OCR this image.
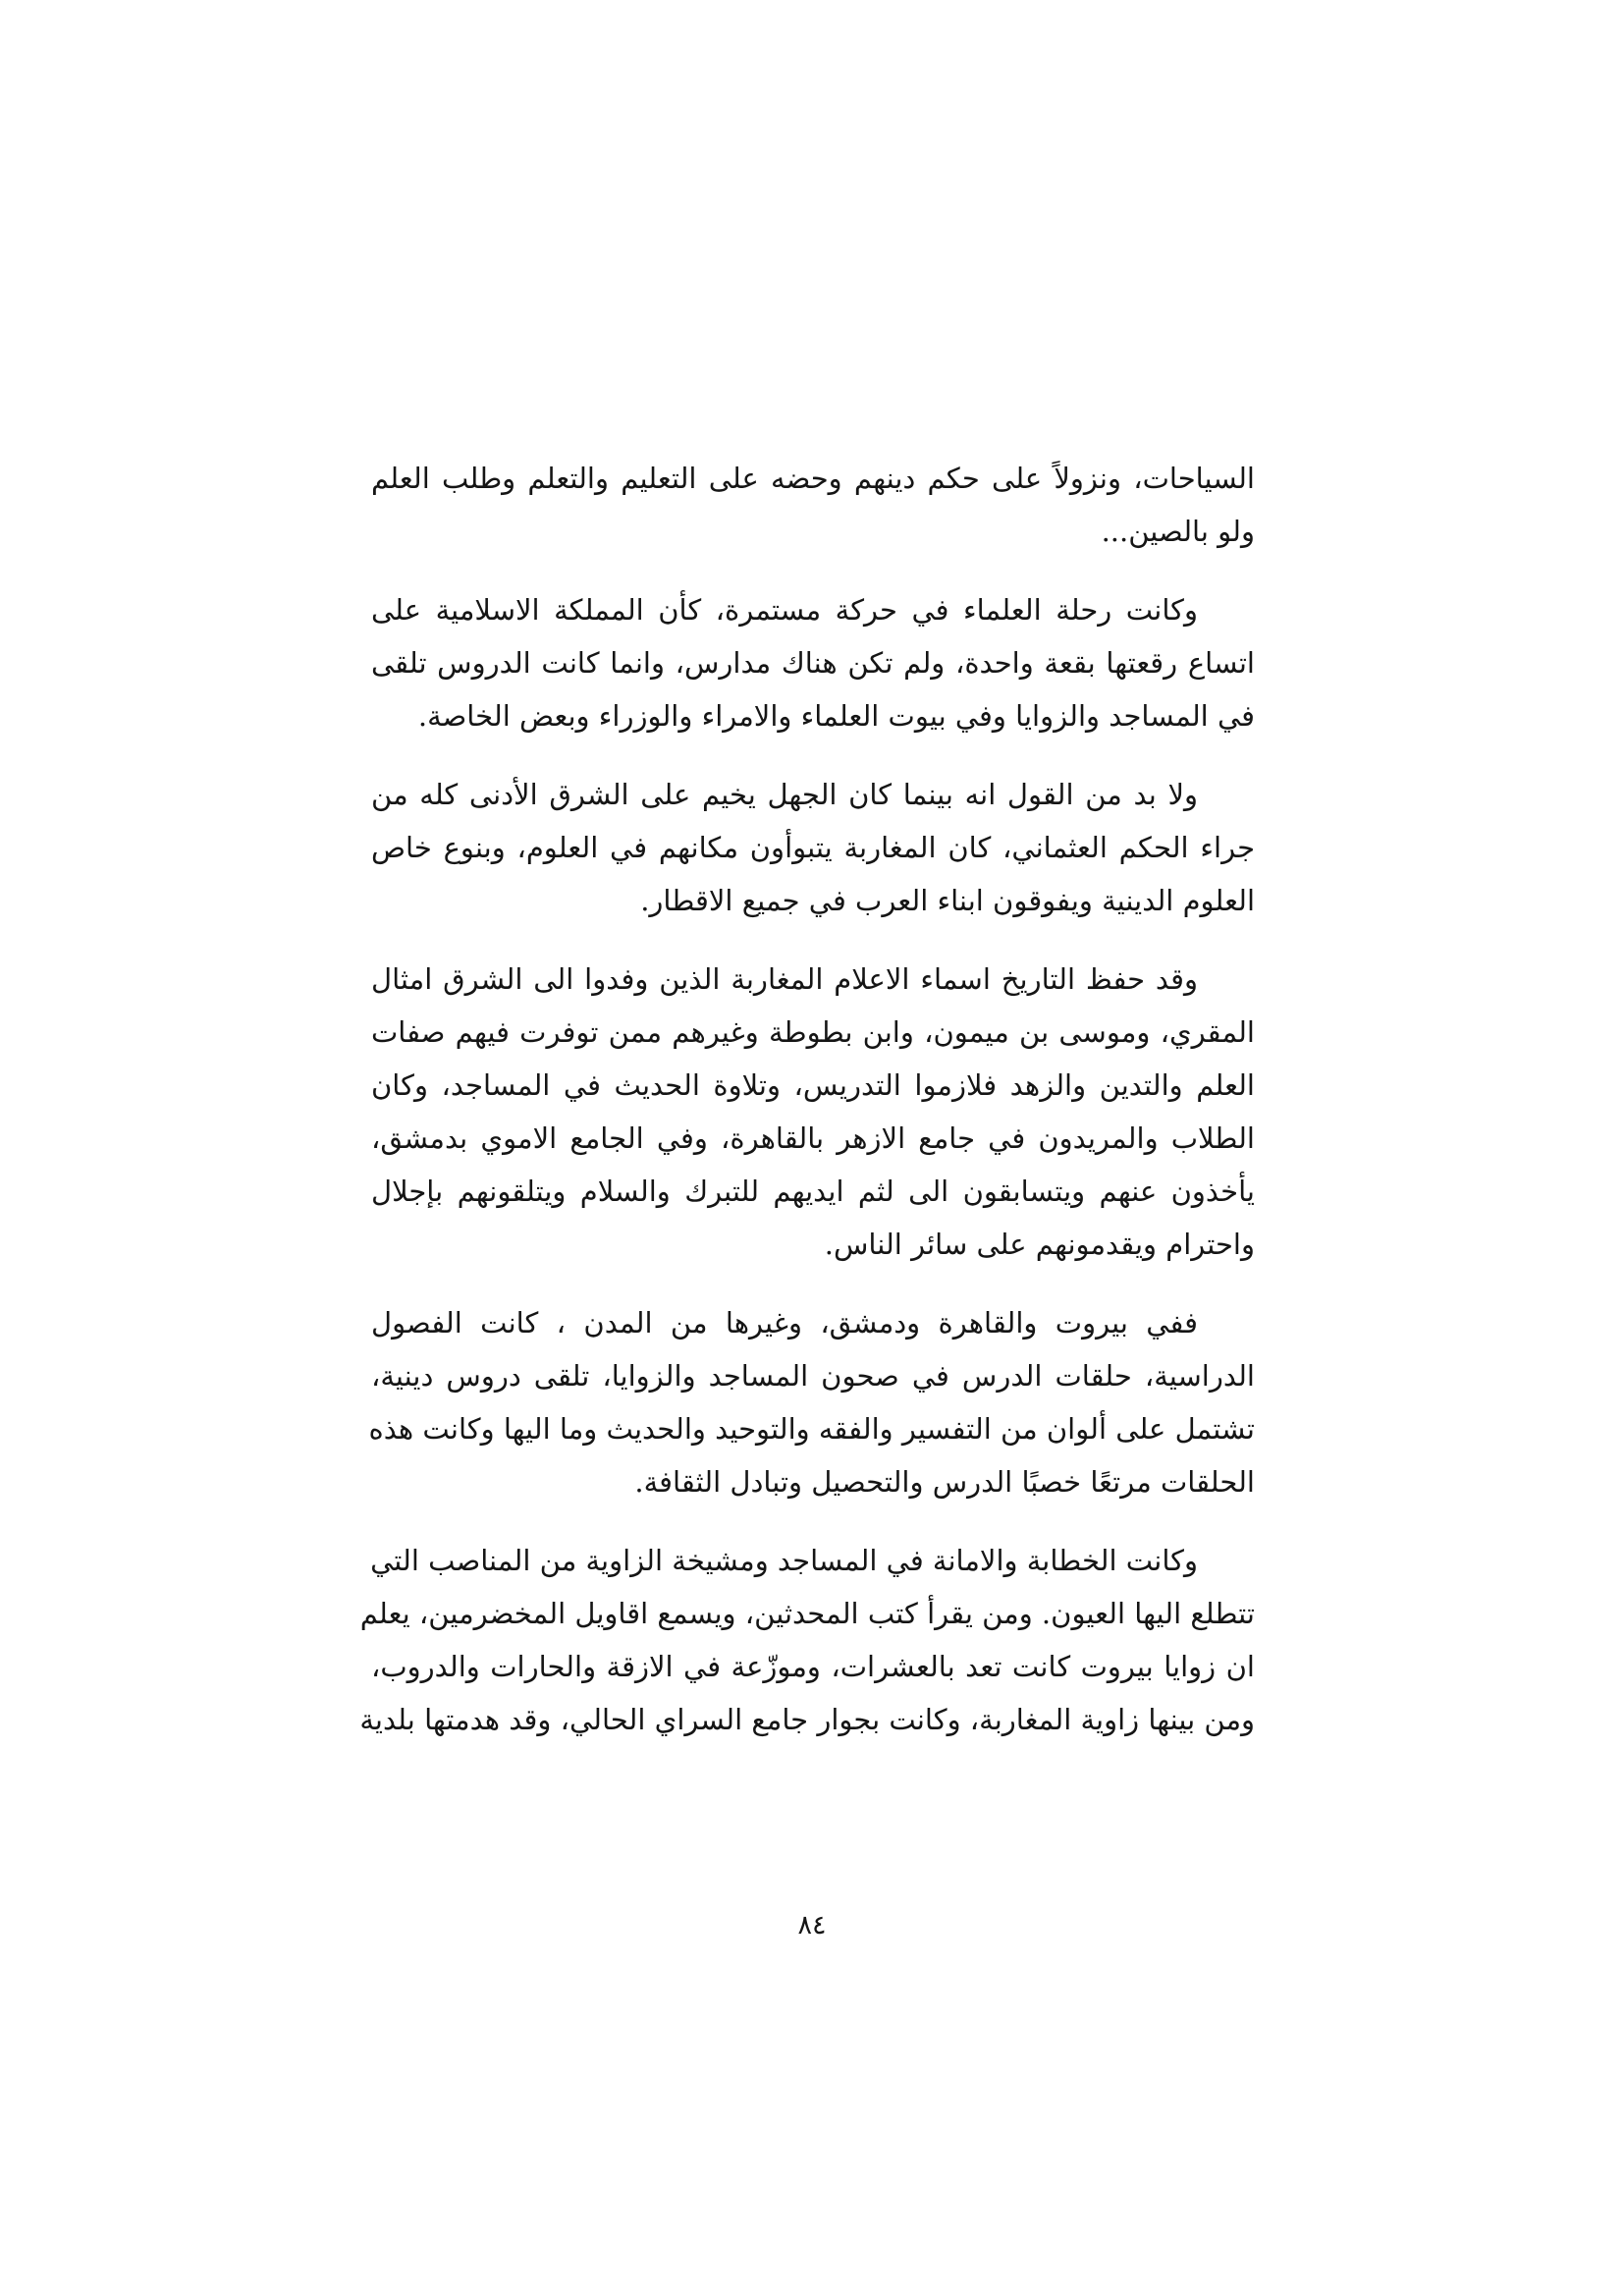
السياحات، ونزولاً على حكم دينهم وحضه على التعليم والتعلم وطلب العلم
ولو بالصين...
وكانت رحلة العلماء في حركة مستمرة، كأن المملكة الاسلامية على
اتساع رقعتها بقعة واحدة، ولم تكن هناك مدارس، وانما كانت الدروس تلقى
في المساجد والزوايا وفي بيوت العلماء والامراء والوزراء وبعض الخاصة.
ولا بد من القول انه بينما كان الجهل يخيم على الشرق الأدنى كله من
جراء الحكم العثماني، كان المغاربة يتبوأون مكانهم في العلوم، وبنوع خاص
العلوم الدينية ويفوقون ابناء العرب في جميع الاقطار.
وقد حفظ التاريخ اسماء الاعلام المغاربة الذين وفدوا الى الشرق امثال
المقري، وموسى بن ميمون، وابن بطوطة وغيرهم ممن توفرت فيهم صفات
العلم والتدين والزهد فلازموا التدريس، وتلاوة الحديث في المساجد، وكان
الطلاب والمريدون في جامع الازهر بالقاهرة، وفي الجامع الاموي بدمشق،
يأخذون عنهم ويتسابقون الى لثم ايديهم للتبرك والسلام ويتلقونهم بإجلال
واحترام ويقدمونهم على سائر الناس.
ففي بيروت والقاهرة ودمشق، وغيرها من المدن ، كانت الفصول
الدراسية، حلقات الدرس في صحون المساجد والزوايا، تلقى دروس دينية،
تشتمل على ألوان من التفسير والفقه والتوحيد والحديث وما اليها وكانت هذه
الحلقات مرتعًا خصبًا الدرس والتحصيل وتبادل الثقافة.
وكانت الخطابة والامانة في المساجد ومشيخة الزاوية من المناصب التي
تتطلع اليها العيون. ومن يقرأ كتب المحدثين، ويسمع اقاويل المخضرمين، يعلم
ان زوايا بيروت كانت تعد بالعشرات، وموزّعة في الازقة والحارات والدروب،
ومن بينها زاوية المغاربة، وكانت بجوار جامع السراي الحالي، وقد هدمتها بلدية
٨٤
